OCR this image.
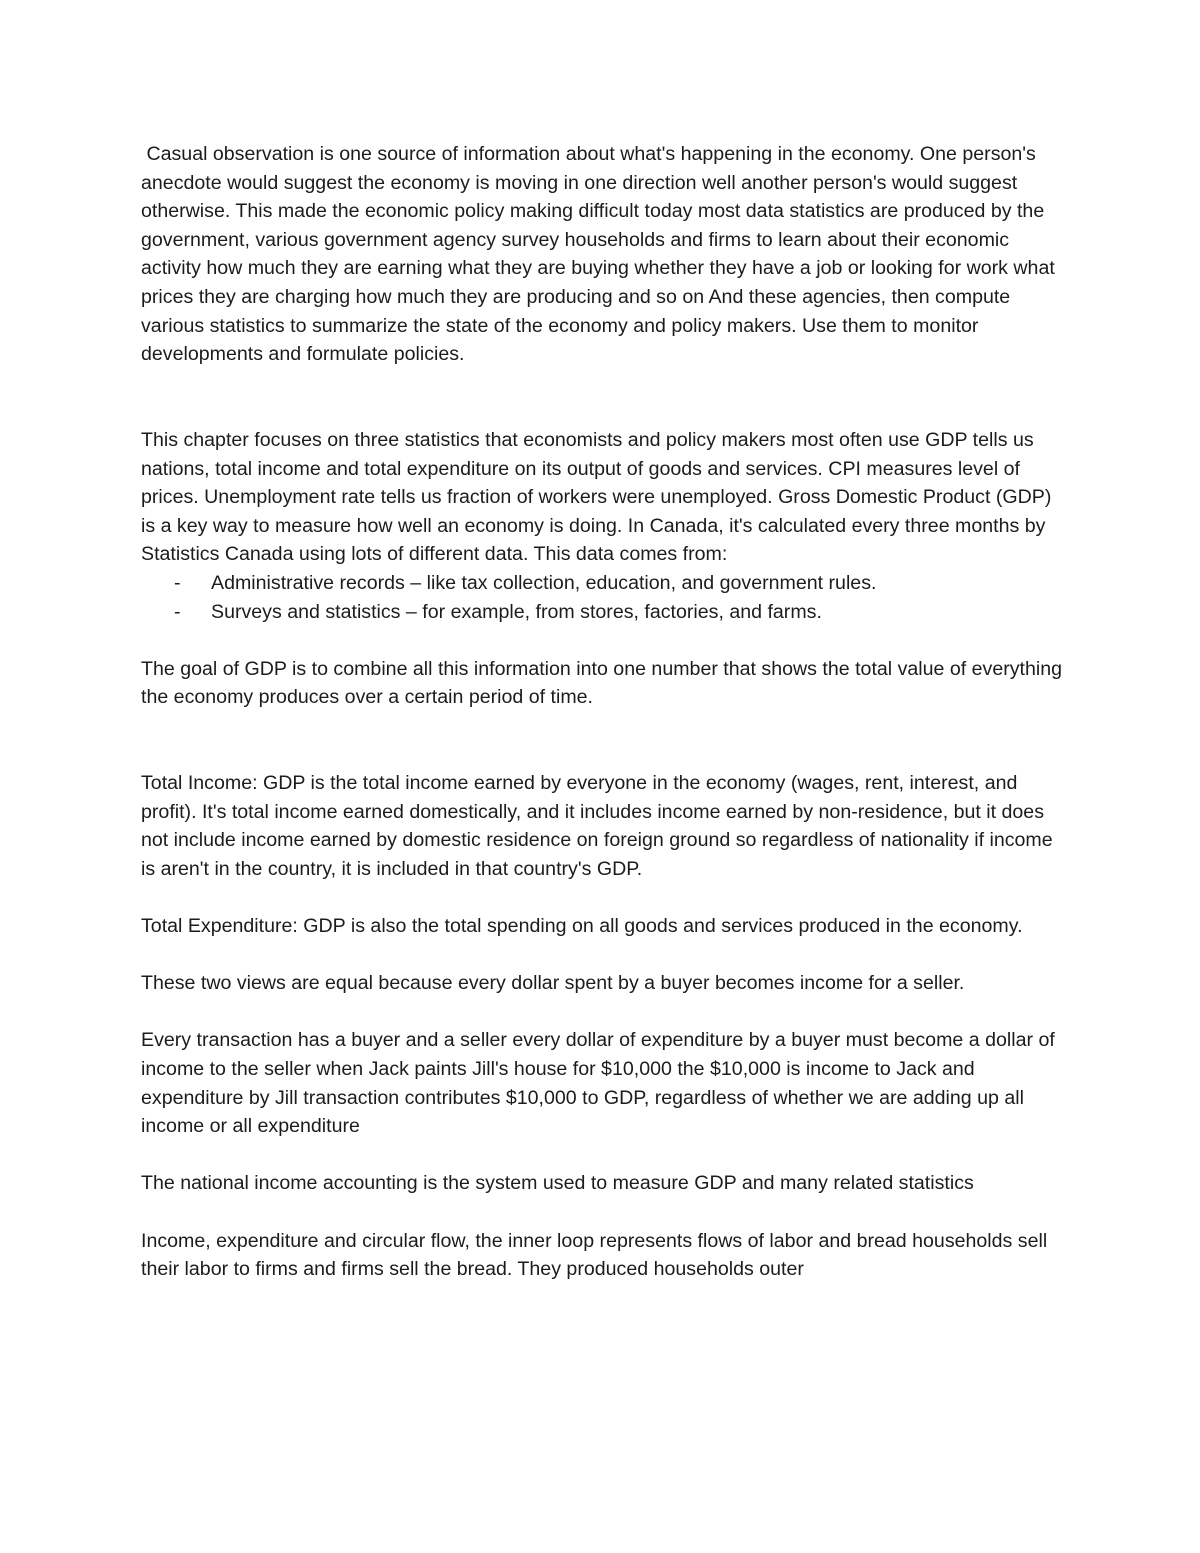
Casual observation is one source of information about what's happening in the economy. One person's anecdote would suggest the economy is moving in one direction well another person's would suggest otherwise. This made the economic policy making difficult today most data statistics are produced by the government, various government agency survey households and firms to learn about their economic activity how much they are earning what they are buying whether they have a job or looking for work what prices they are charging how much they are producing and so on And these agencies, then compute various statistics to summarize the state of the economy and policy makers. Use them to monitor developments and formulate policies.

This chapter focuses on three statistics that economists and policy makers most often use GDP tells us nations, total income and total expenditure on its output of goods and services. CPI measures level of prices. Unemployment rate tells us fraction of workers were unemployed. Gross Domestic Product (GDP) is a key way to measure how well an economy is doing. In Canada, it's calculated every three months by Statistics Canada using lots of different data. This data comes from:

- Administrative records – like tax collection, education, and government rules.
- Surveys and statistics – for example, from stores, factories, and farms.

The goal of GDP is to combine all this information into one number that shows the total value of everything the economy produces over a certain period of time.

Total Income: GDP is the total income earned by everyone in the economy (wages, rent, interest, and profit). It's total income earned domestically, and it includes income earned by non-residence, but it does not include income earned by domestic residence on foreign ground so regardless of nationality if income is aren't in the country, it is included in that country's GDP.

Total Expenditure: GDP is also the total spending on all goods and services produced in the economy.

These two views are equal because every dollar spent by a buyer becomes income for a seller.

Every transaction has a buyer and a seller every dollar of expenditure by a buyer must become a dollar of income to the seller when Jack paints Jill's house for $10,000 the $10,000 is income to Jack and expenditure by Jill transaction contributes $10,000 to GDP, regardless of whether we are adding up all income or all expenditure

The national income accounting is the system used to measure GDP and many related statistics

Income, expenditure and circular flow, the inner loop represents flows of labor and bread households sell their labor to firms and firms sell the bread. They produced households outer
